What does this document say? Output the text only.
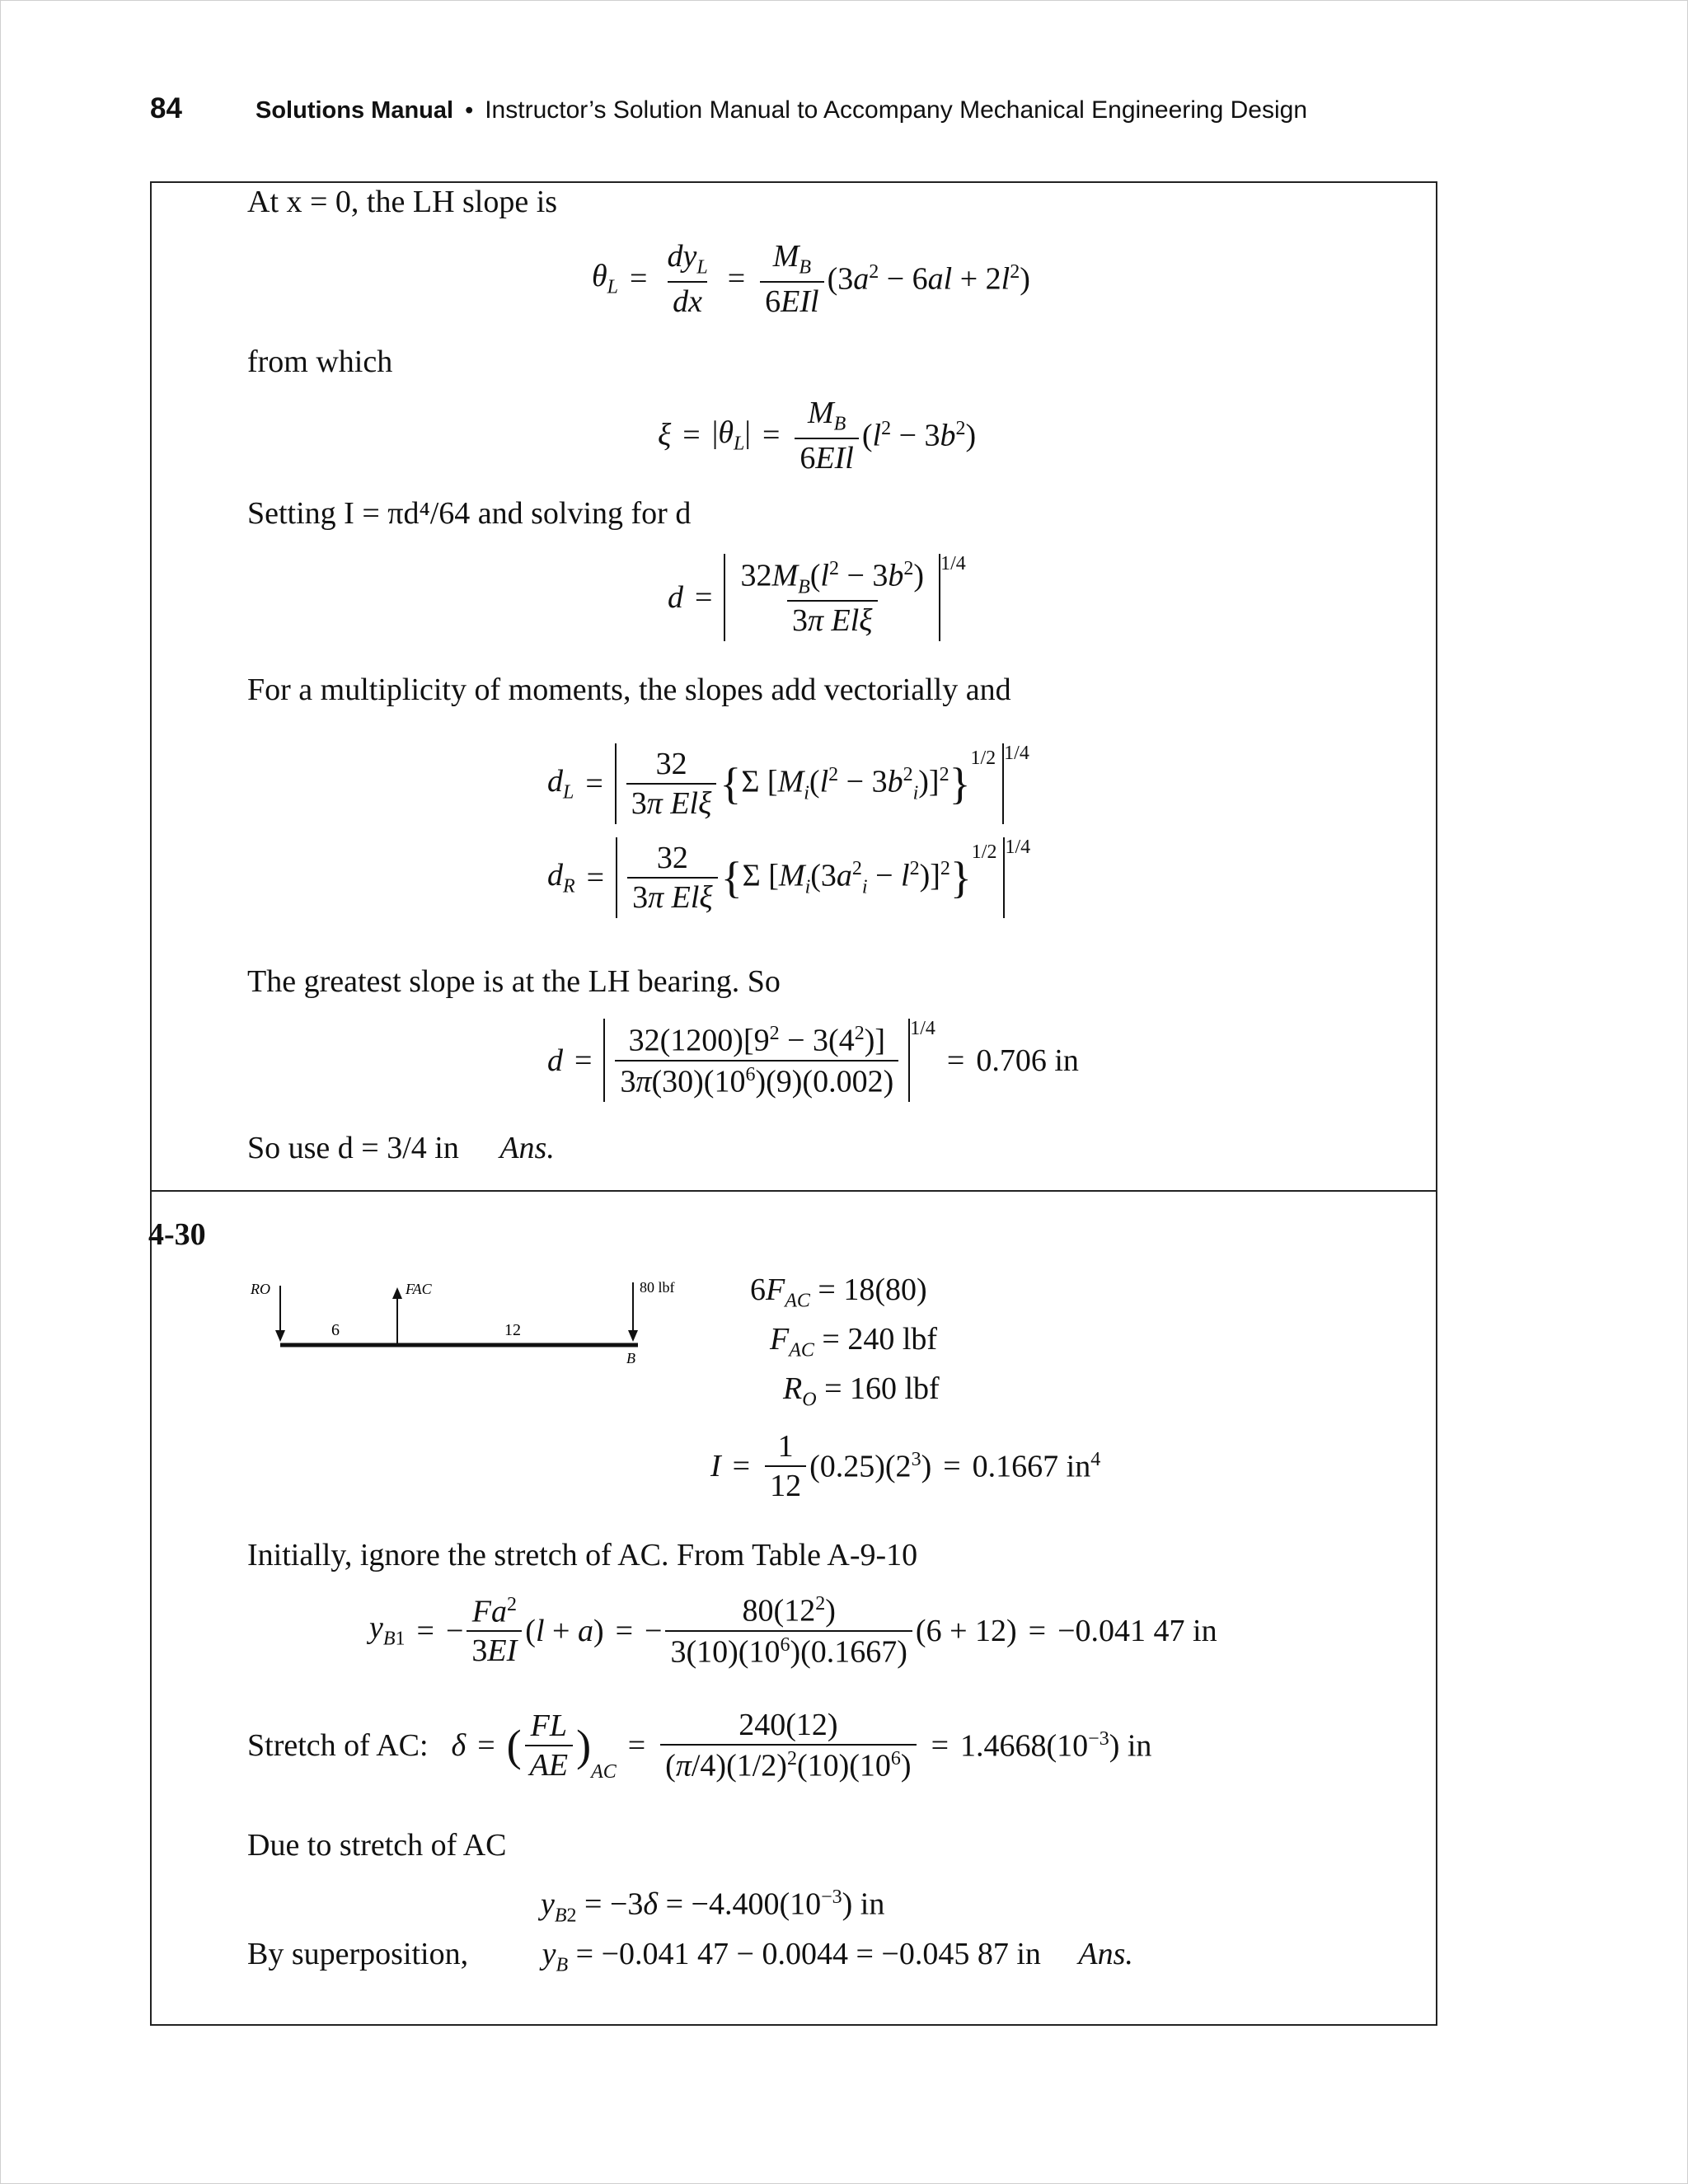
84	Solutions Manual • Instructor’s Solution Manual to Accompany Mechanical Engineering Design
At x = 0, the LH slope is
$\theta_L = \frac{dy_L}{dx} = \frac{M_B}{\text{6EIl}} (3a^2 - 6al + 2l^2)$
from which
$\xi = |\theta_L| = \frac{M_B}{\text{6EIl}} (l^2 - 3b^2)$
Setting I = πd⁴/64 and solving for d
$d = \frac{32M_B(l^2 - 3b^2)}{\text{3π Elξ}} 1/4$
For a multiplicity of moments, the slopes add vectorially and
$d_L = \frac{32}{\text{3π Elξ}}$ { Σ $[M_i(l^2 - 3b^2_i)]^2$ }
1/2 1/4
$d_R = \frac{32}{\text{3π Elξ}}$ { Σ $[M_i(3a^2_i - l^2)]^2$ }
1/2 1/4
The greatest slope is at the LH bearing. So
$d = \frac{32(1200)[9^2 - 3(4^2)]}{3\pi(30)(10^6)(9)(0.002)} 1/4$
= 0.706 in
So use d = 3/4 in Ans.
4-30
RO	FAC	80 lbf
B
6	12
$6F_{AC} = 18(80)$
$F_{AC} = 240$ lbf
$R_O = 160$ lbf
$I = \frac{1}{12} (0.25)(2^3) = 0.1667$ $in^4$
Initially, ignore the stretch of AC. From Table A-9-10
$y_{B1}$ = − $\frac{Fa^2}{3EI} (l + a)$ = − $\frac{80(12^2)}{3(10)(10^6)(0.1667)} (6 + 12) = -0.041$ 47 in
Stretch of AC: δ = ( $\frac{FL}{AE}$ )
AC
= $\frac{240(12)}{(\pi/4)(1/2)^2(10)(10^6)} = 1.4668(10^{-3})$ in
Due to stretch of AC
$y_{B2} = -3\delta = -4.400(10^{-3})$ in
By superposition, $y_B = -0.041$ 47 − 0.0044 = −0.045 87 in Ans.
